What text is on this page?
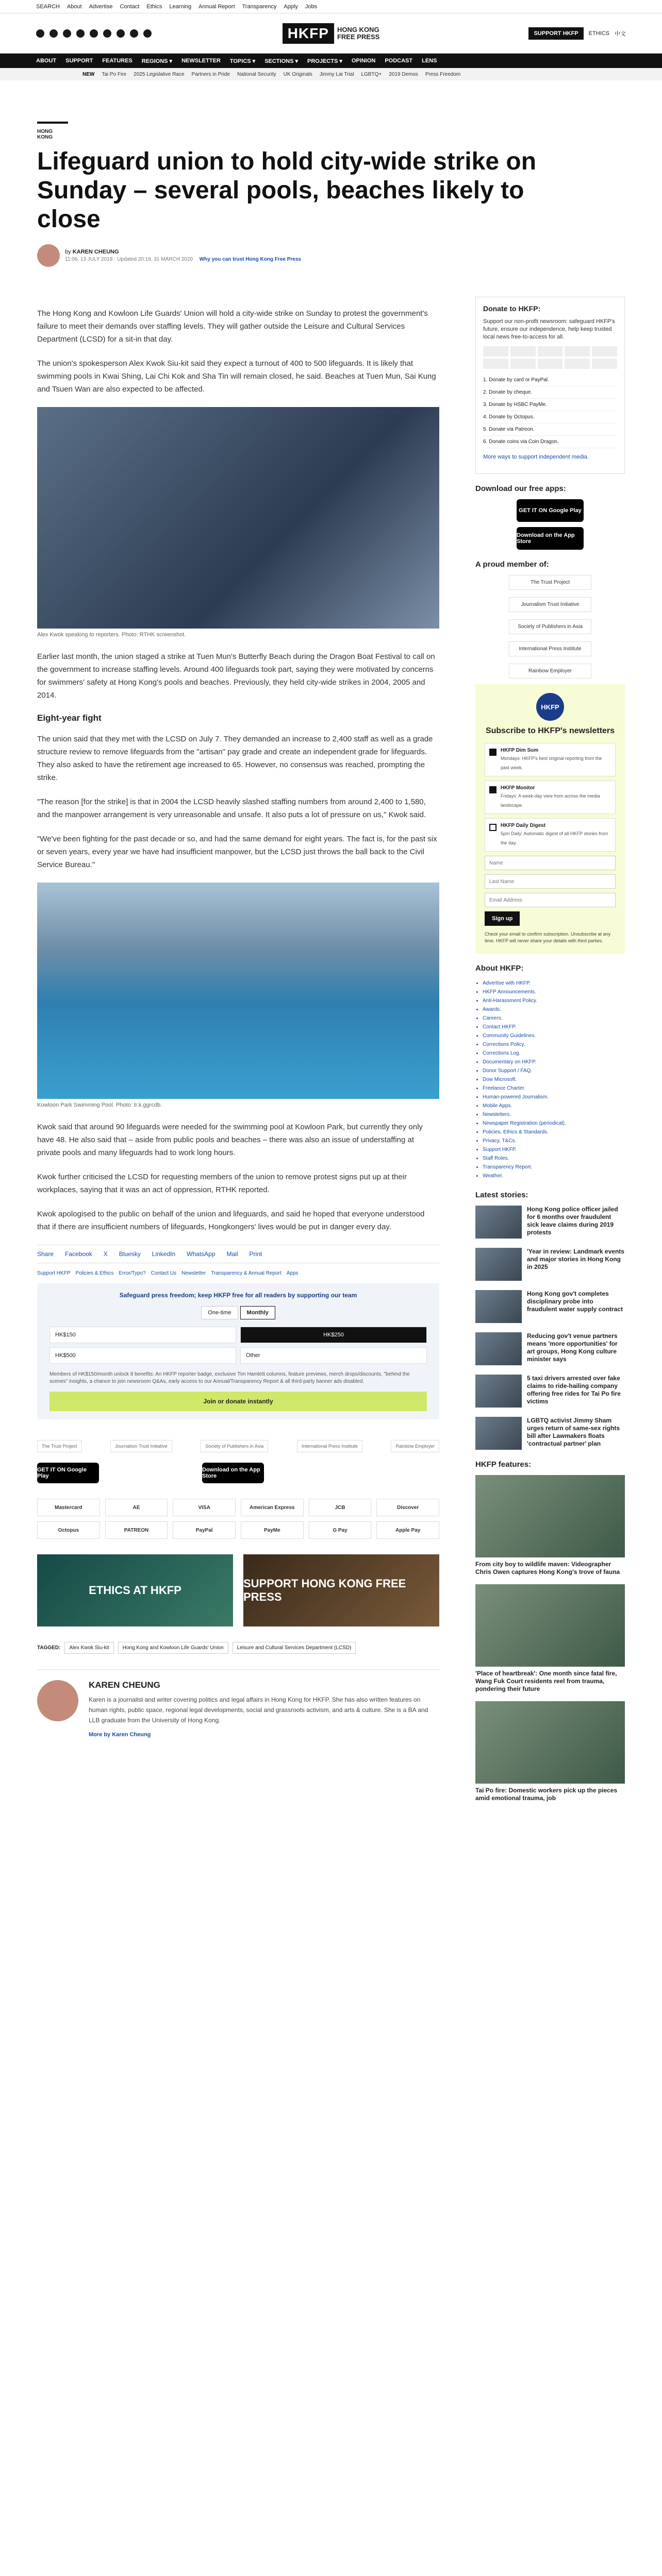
SEARCH About Advertise Contact Ethics Learning Annual Report Transparency Apply Jobs
HKFP	HONG KONG
FREE PRESS	SUPPORT HKFP	ETHICS 中文
ABOUT SUPPORT FEATURES REGIONS ▾ NEWSLETTER TOPICS ▾ SECTIONS ▾ PROJECTS ▾ OPINION PODCAST LENS
NEW Tai Po Fire 2025 Legislative Race Partners in Pride National Security UK Originals Jimmy Lai Trial LGBTQ+ 2019 Demos Press Freedom
HONG KONG
Lifeguard union to hold city-wide strike on Sunday – several pools, beaches likely to close
by KAREN CHEUNG
11:06, 13 JULY 2018 · Updated 20:19, 31 MARCH 2020 Why you can trust Hong Kong Free Press

The Hong Kong and Kowloon Life Guards' Union will hold a city-wide strike on Sunday to protest the government's failure to meet their demands over staffing levels. They will gather outside the Leisure and Cultural Services Department (LCSD) for a sit-in that day.

The union's spokesperson Alex Kwok Siu-kit said they expect a turnout of 400 to 500 lifeguards. It is likely that swimming pools in Kwai Shing, Lai Chi Kok and Sha Tin will remain closed, he said. Beaches at Tuen Mun, Sai Kung and Tsuen Wan are also expected to be affected.

Alex Kwok speaking to reporters. Photo: RTHK screenshot.

Earlier last month, the union staged a strike at Tuen Mun's Butterfly Beach during the Dragon Boat Festival to call on the government to increase staffing levels. Around 400 lifeguards took part, saying they were motivated by concerns for swimmers' safety at Hong Kong's pools and beaches. Previously, they held city-wide strikes in 2004, 2005 and 2014.

Eight-year fight

The union said that they met with the LCSD on July 7. They demanded an increase to 2,400 staff as well as a grade structure review to remove lifeguards from the "artisan" pay grade and create an independent grade for lifeguards. They also asked to have the retirement age increased to 65. However, no consensus was reached, prompting the strike.

"The reason [for the strike] is that in 2004 the LCSD heavily slashed staffing numbers from around 2,400 to 1,580, and the manpower arrangement is very unreasonable and unsafe. It also puts a lot of pressure on us," Kwok said.

"We've been fighting for the past decade or so, and had the same demand for eight years. The fact is, for the past six or seven years, every year we have had insufficient manpower, but the LCSD just throws the ball back to the Civil Service Bureau."

Kowloon Park Swimming Pool. Photo: tr.k.ggrcdb.

Kwok said that around 90 lifeguards were needed for the swimming pool at Kowloon Park, but currently they only have 48. He also said that – aside from public pools and beaches – there was also an issue of understaffing at private pools and many lifeguards had to work long hours.

Kwok further criticised the LCSD for requesting members of the union to remove protest signs put up at their workplaces, saying that it was an act of oppression, RTHK reported.

Kwok apologised to the public on behalf of the union and lifeguards, and said he hoped that everyone understood that if there are insufficient numbers of lifeguards, Hongkongers' lives would be put in danger every day.

Share Facebook X Bluesky LinkedIn WhatsApp Mail Print
Support HKFP Policies & Ethics Error/Typo? Contact Us Newsletter Transparency & Annual Report Apps
Safeguard press freedom; keep HKFP free for all readers by supporting our team
One-time	Monthly
HK$150	HK$250
HK$500	Other
Members of HK$150/month unlock 8 benefits: An HKFP reporter badge, exclusive Tim Hamlett columns, feature previews, merch drops/discounts, "behind the scenes" insights, a chance to join newsroom Q&As, early access to our Annual/Transparency Report & all third-party banner ads disabled.
Join or donate instantly
The Trust Project	Journalism Trust Initiative	Society of Publishers in Asia	International Press Institute	Rainbow Employer
GET IT ON Google Play
Download on the App Store
Mastercard	AE	VISA	American Express	JCB	Discover
Octopus	PATREON	PayPal	PayMe	G Pay	Apple Pay
ETHICS AT HKFP
SUPPORT HONG KONG FREE PRESS
TAGGED:	Alex Kwok Siu-kit	Hong Kong and Kowloon Life Guards' Union	Leisure and Cultural Services Department (LCSD)
KAREN CHEUNG

Karen is a journalist and writer covering politics and legal affairs in Hong Kong for HKFP. She has also written features on human rights, public space, regional legal developments, social and grassroots activism, and arts & culture. She is a BA and LLB graduate from the University of Hong Kong.

More by Karen Cheung
Donate to HKFP:

Support our non-profit newsroom: safeguard HKFP's future, ensure our independence, help keep trusted local news free-to-access for all.

1. Donate by card or PayPal.
2. Donate by cheque.
3. Donate by HSBC PayMe.
4. Donate by Octopus.
5. Donate via Patreon.
6. Donate coins via Coin Dragon.

More ways to support independent media.

Download our free apps:
GET IT ON Google Play
Download on the App Store
A proud member of:
The Trust Project
Journalism Trust Initiative
Society of Publishers in Asia
International Press Institute
Rainbow Employer
HKFP
Subscribe to HKFP's newsletters
HKFP Dim Sum
Mondays: HKFP's best original reporting from the past week.
HKFP Monitor
Fridays: A week-day view from across the media landscape.
HKFP Daily Digest
5pm Daily: Automatic digest of all HKFP stories from the day.
Name
Last Name
Email Address Sign up
Check your email to confirm subscription. Unsubscribe at any time. HKFP will never share your details with third parties.
About HKFP:
• Advertise with HKFP.
• HKFP Announcements.
• Anti-Harassment Policy.
• Awards.
• Careers.
• Contact HKFP.
• Community Guidelines.
• Corrections Policy.
• Corrections Log.
• Documentary on HKFP.
• Donor Support / FAQ.
• Dow Microsoft.
• Freelance Charter.
• Human-powered Journalism.
• Mobile Apps.
• Newsletters.
• Newspaper Registration (periodical).
• Policies, Ethics & Standards.
• Privacy, T&Cs.
• Support HKFP.
• Staff Roles.
• Transparency Report.
• Weather.
Latest stories:
Hong Kong police officer jailed for 6 months over fraudulent sick leave claims during 2019 protests
'Year in review: Landmark events and major stories in Hong Kong in 2025
Hong Kong gov't completes disciplinary probe into fraudulent water supply contract
Reducing gov't venue partners means 'more opportunities' for art groups, Hong Kong culture minister says
5 taxi drivers arrested over fake claims to ride-hailing company offering free rides for Tai Po fire victims
LGBTQ activist Jimmy Sham urges return of same-sex rights bill after Lawmakers floats 'contractual partner' plan
HKFP features:
From city boy to wildlife maven: Videographer Chris Owen captures Hong Kong's trove of fauna
'Place of heartbreak': One month since fatal fire, Wang Fuk Court residents reel from trauma, pondering their future
Tai Po fire: Domestic workers pick up the pieces amid emotional trauma, job
